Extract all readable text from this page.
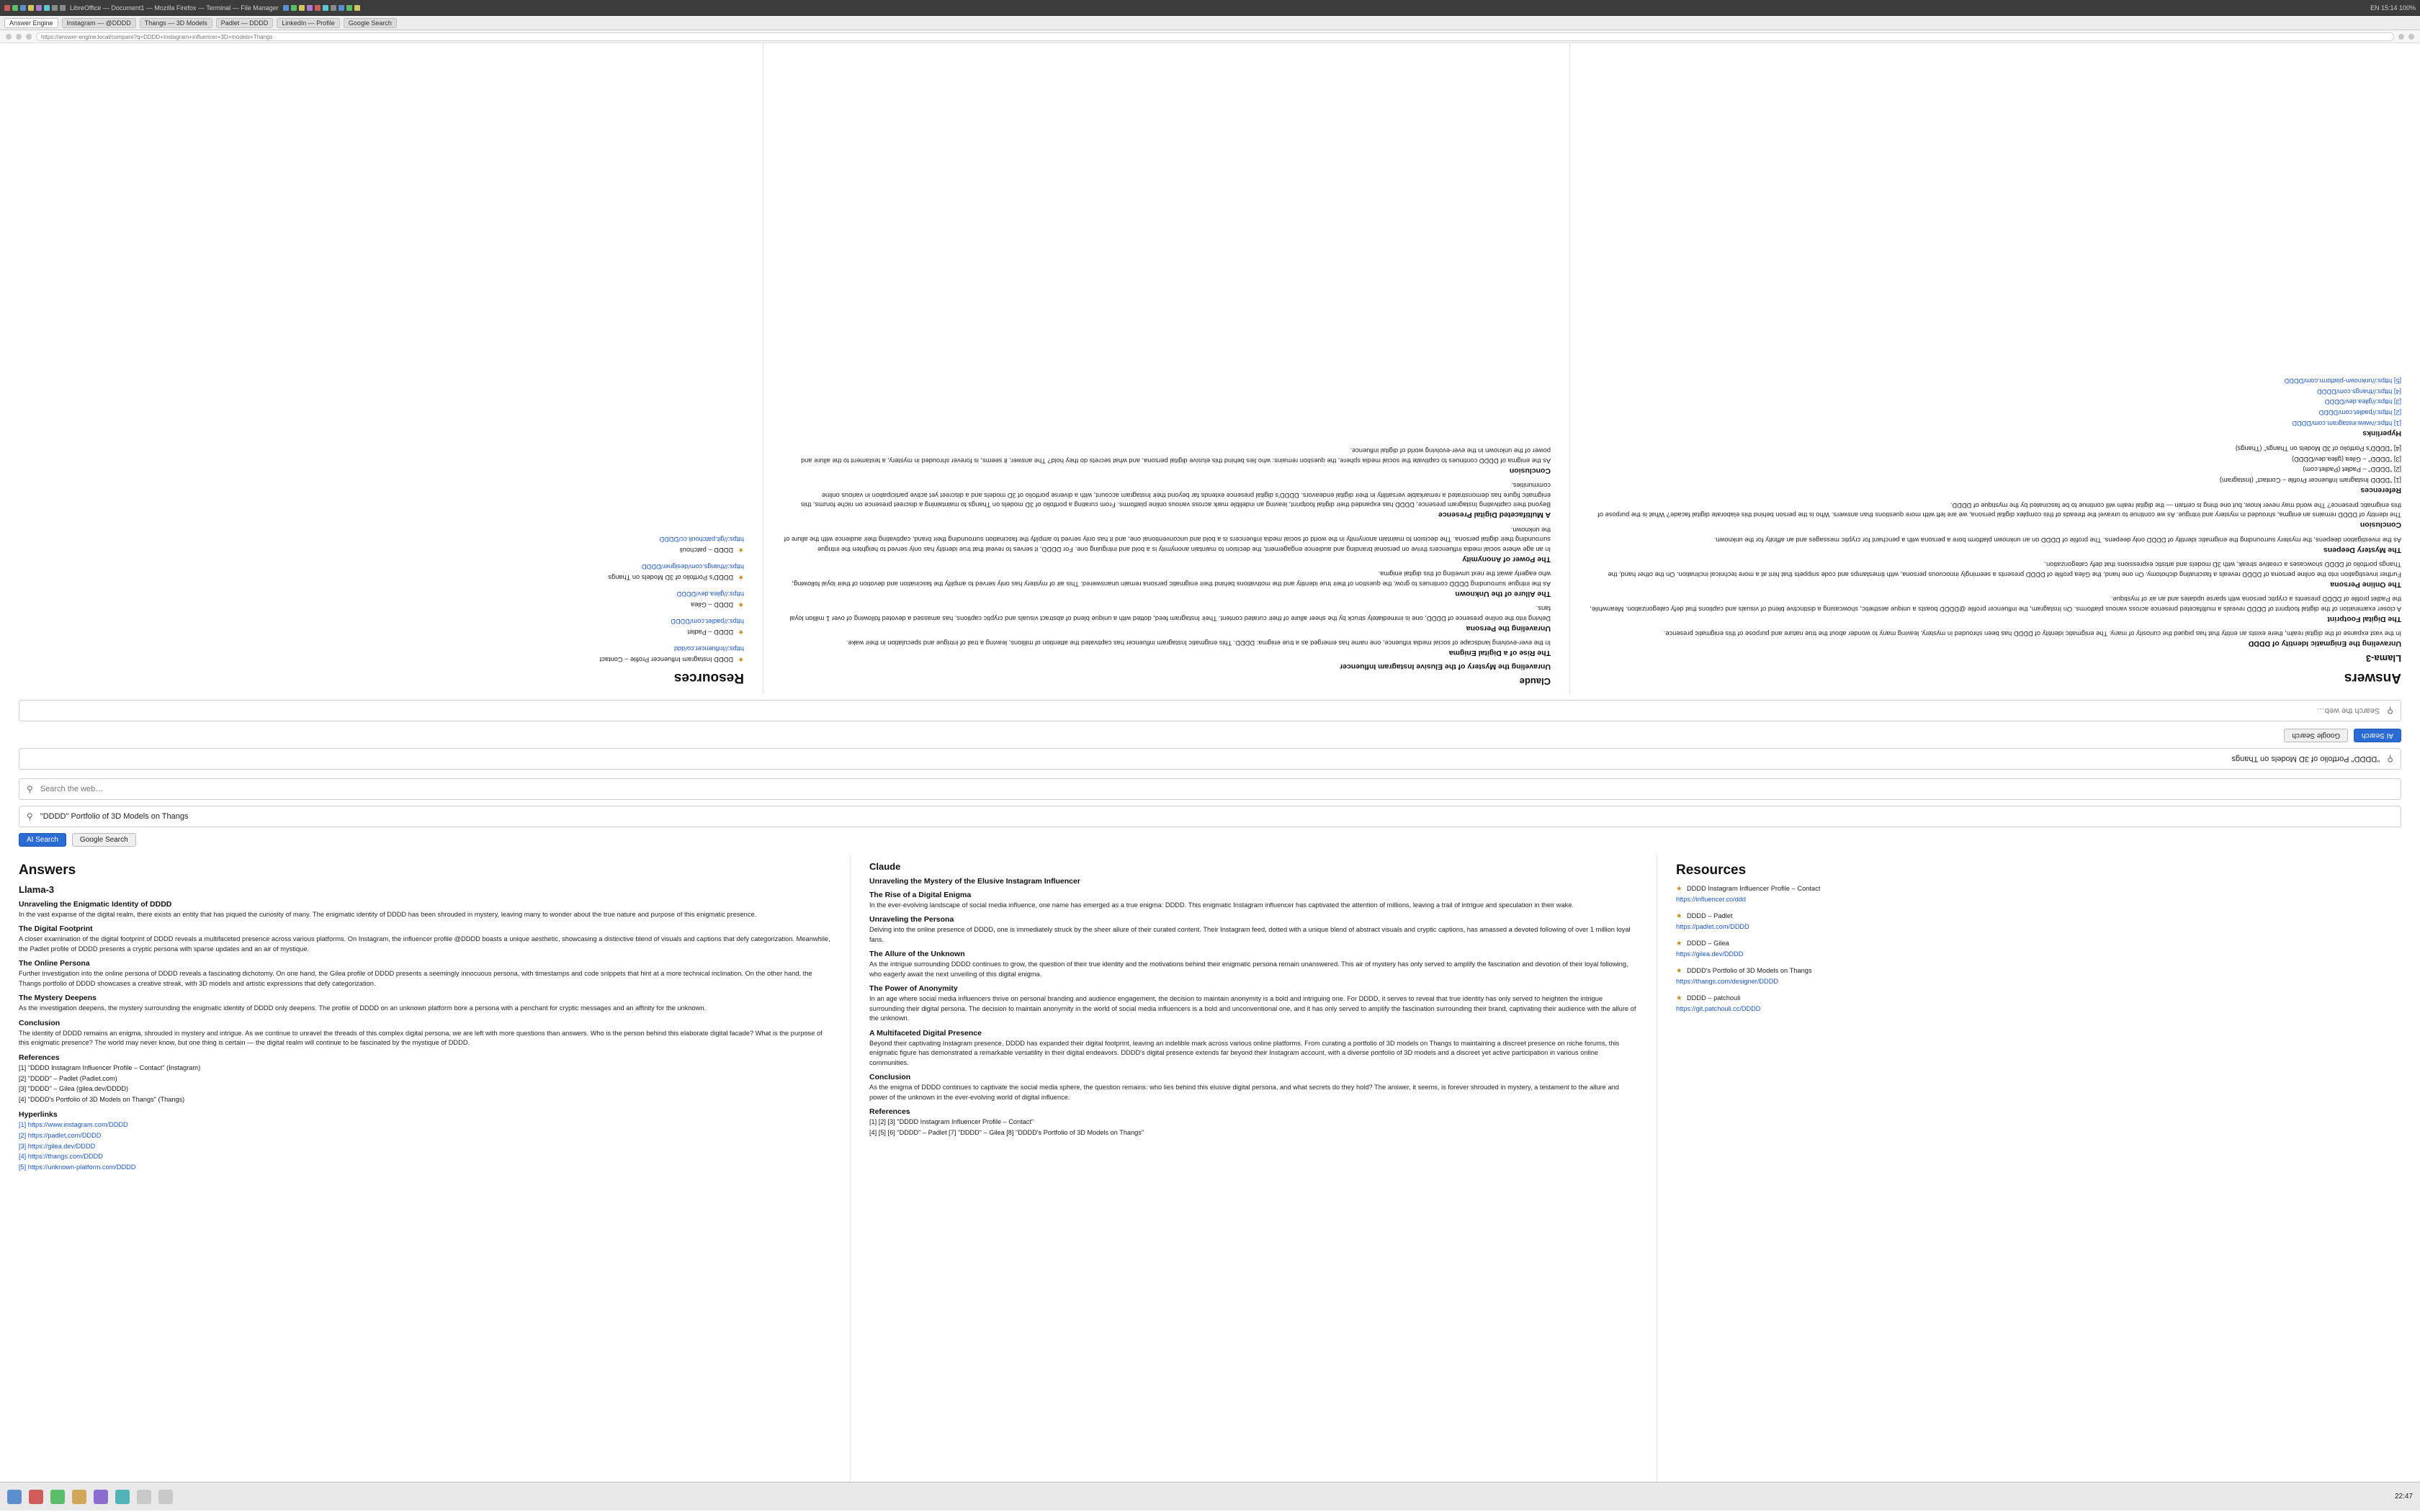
LibreOffice — Document1 — Mozilla Firefox — Terminal — File Manager	EN 15:14 100%
Answer Engine	Instagram — @DDDD	Thangs — 3D Models	Padlet — DDDD	LinkedIn — Profile	Google Search
https://answer-engine.local/compare?q=DDDD+Instagram+influencer+3D+models+Thangs
⚲
"DDDD" Portfolio of 3D Models on Thangs
AI Search
Google Search
⚲
Search the web…
Answers
Llama-3
Unraveling the Enigmatic Identity of DDDD

In the vast expanse of the digital realm, there exists an entity that has piqued the curiosity of many. The enigmatic identity of DDDD has been shrouded in mystery, leaving many to wonder about the true nature and purpose of this enigmatic presence.

The Digital Footprint

A closer examination of the digital footprint of DDDD reveals a multifaceted presence across various platforms. On Instagram, the influencer profile @DDDD boasts a unique aesthetic, showcasing a distinctive blend of visuals and captions that defy categorization. Meanwhile, the Padlet profile of DDDD presents a cryptic persona with sparse updates and an air of mystique.

The Online Persona

Further investigation into the online persona of DDDD reveals a fascinating dichotomy. On one hand, the Gilea profile of DDDD presents a seemingly innocuous persona, with timestamps and code snippets that hint at a more technical inclination. On the other hand, the Thangs portfolio of DDDD showcases a creative streak, with 3D models and artistic expressions that defy categorization.

The Mystery Deepens

As the investigation deepens, the mystery surrounding the enigmatic identity of DDDD only deepens. The profile of DDDD on an unknown platform bore a persona with a penchant for cryptic messages and an affinity for the unknown.

Conclusion

The identity of DDDD remains an enigma, shrouded in mystery and intrigue. As we continue to unravel the threads of this complex digital persona, we are left with more questions than answers. Who is the person behind this elaborate digital facade? What is the purpose of this enigmatic presence? The world may never know, but one thing is certain — the digital realm will continue to be fascinated by the mystique of DDDD.

References
[1] "DDDD Instagram Influencer Profile – Contact" (Instagram)
[2] "DDDD" – Padlet (Padlet.com)
[3] "DDDD" – Gilea (gilea.dev/DDDD)
[4] "DDDD's Portfolio of 3D Models on Thangs" (Thangs)
Hyperlinks
[1] https://www.instagram.com/DDDD
[2] https://padlet.com/DDDD
[3] https://gilea.dev/DDDD
[4] https://thangs.com/DDDD
[5] https://unknown-platform.com/DDDD
Claude
Unraveling the Mystery of the Elusive Instagram Influencer
The Rise of a Digital Enigma

In the ever-evolving landscape of social media influence, one name has emerged as a true enigma: DDDD. This enigmatic Instagram influencer has captivated the attention of millions, leaving a trail of intrigue and speculation in their wake.

Unraveling the Persona

Delving into the online presence of DDDD, one is immediately struck by the sheer allure of their curated content. Their Instagram feed, dotted with a unique blend of abstract visuals and cryptic captions, has amassed a devoted following of over 1 million loyal fans.

The Allure of the Unknown

As the intrigue surrounding DDDD continues to grow, the question of their true identity and the motivations behind their enigmatic persona remain unanswered. This air of mystery has only served to amplify the fascination and devotion of their loyal following, who eagerly await the next unveiling of this digital enigma.

The Power of Anonymity

In an age where social media influencers thrive on personal branding and audience engagement, the decision to maintain anonymity is a bold and intriguing one. For DDDD, it serves to reveal that true identity has only served to heighten the intrigue surrounding their digital persona. The decision to maintain anonymity in the world of social media influencers is a bold and unconventional one, and it has only served to amplify the fascination surrounding their brand, captivating their audience with the allure of the unknown.

A Multifaceted Digital Presence

Beyond their captivating Instagram presence, DDDD has expanded their digital footprint, leaving an indelible mark across various online platforms. From curating a portfolio of 3D models on Thangs to maintaining a discreet presence on niche forums, this enigmatic figure has demonstrated a remarkable versatility in their digital endeavors. DDDD's digital presence extends far beyond their Instagram account, with a diverse portfolio of 3D models and a discreet yet active participation in various online communities.

Conclusion

As the enigma of DDDD continues to captivate the social media sphere, the question remains: who lies behind this elusive digital persona, and what secrets do they hold? The answer, it seems, is forever shrouded in mystery, a testament to the allure and power of the unknown in the ever-evolving world of digital influence.

Resources
★ DDDD Instagram Influencer Profile – Contact
https://influencer.co/ddd
★ DDDD – Padlet
https://padlet.com/DDDD
★ DDDD – Gilea
https://gilea.dev/DDDD
★ DDDD's Portfolio of 3D Models on Thangs
https://thangs.com/designer/DDDD
★ DDDD – patchouli
https://git.patchouli.cc/DDDD
⚲
Search the web…
⚲
"DDDD" Portfolio of 3D Models on Thangs
AI Search	Google Search
Answers
Llama-3
Unraveling the Enigmatic Identity of DDDD

In the vast expanse of the digital realm, there exists an entity that has piqued the curiosity of many. The enigmatic identity of DDDD has been shrouded in mystery, leaving many to wonder about the true nature and purpose of this enigmatic presence.

The Digital Footprint

A closer examination of the digital footprint of DDDD reveals a multifaceted presence across various platforms. On Instagram, the influencer profile @DDDD boasts a unique aesthetic, showcasing a distinctive blend of visuals and captions that defy categorization. Meanwhile, the Padlet profile of DDDD presents a cryptic persona with sparse updates and an air of mystique.

The Online Persona

Further investigation into the online persona of DDDD reveals a fascinating dichotomy. On one hand, the Gilea profile of DDDD presents a seemingly innocuous persona, with timestamps and code snippets that hint at a more technical inclination. On the other hand, the Thangs portfolio of DDDD showcases a creative streak, with 3D models and artistic expressions that defy categorization.

The Mystery Deepens

As the investigation deepens, the mystery surrounding the enigmatic identity of DDDD only deepens. The profile of DDDD on an unknown platform bore a persona with a penchant for cryptic messages and an affinity for the unknown.

Conclusion

The identity of DDDD remains an enigma, shrouded in mystery and intrigue. As we continue to unravel the threads of this complex digital persona, we are left with more questions than answers. Who is the person behind this elaborate digital facade? What is the purpose of this enigmatic presence? The world may never know, but one thing is certain — the digital realm will continue to be fascinated by the mystique of DDDD.

References
[1] "DDDD Instagram Influencer Profile – Contact" (Instagram)
[2] "DDDD" – Padlet (Padlet.com)
[3] "DDDD" – Gilea (gilea.dev/DDDD)
[4] "DDDD's Portfolio of 3D Models on Thangs" (Thangs)
Hyperlinks
[1] https://www.instagram.com/DDDD
[2] https://padlet.com/DDDD
[3] https://gilea.dev/DDDD
[4] https://thangs.com/DDDD
[5] https://unknown-platform.com/DDDD
Claude
Unraveling the Mystery of the Elusive Instagram Influencer
The Rise of a Digital Enigma

In the ever-evolving landscape of social media influence, one name has emerged as a true enigma: DDDD. This enigmatic Instagram influencer has captivated the attention of millions, leaving a trail of intrigue and speculation in their wake.

Unraveling the Persona

Delving into the online presence of DDDD, one is immediately struck by the sheer allure of their curated content. Their Instagram feed, dotted with a unique blend of abstract visuals and cryptic captions, has amassed a devoted following of over 1 million loyal fans.

The Allure of the Unknown

As the intrigue surrounding DDDD continues to grow, the question of their true identity and the motivations behind their enigmatic persona remain unanswered. This air of mystery has only served to amplify the fascination and devotion of their loyal following, who eagerly await the next unveiling of this digital enigma.

The Power of Anonymity

In an age where social media influencers thrive on personal branding and audience engagement, the decision to maintain anonymity is a bold and intriguing one. For DDDD, it serves to reveal that true identity has only served to heighten the intrigue surrounding their digital persona. The decision to maintain anonymity in the world of social media influencers is a bold and unconventional one, and it has only served to amplify the fascination surrounding their brand, captivating their audience with the allure of the unknown.

A Multifaceted Digital Presence

Beyond their captivating Instagram presence, DDDD has expanded their digital footprint, leaving an indelible mark across various online platforms. From curating a portfolio of 3D models on Thangs to maintaining a discreet presence on niche forums, this enigmatic figure has demonstrated a remarkable versatility in their digital endeavors. DDDD's digital presence extends far beyond their Instagram account, with a diverse portfolio of 3D models and a discreet yet active participation in various online communities.

Conclusion

As the enigma of DDDD continues to captivate the social media sphere, the question remains: who lies behind this elusive digital persona, and what secrets do they hold? The answer, it seems, is forever shrouded in mystery, a testament to the allure and power of the unknown in the ever-evolving world of digital influence.

References
[1] [2] [3] "DDDD Instagram Influencer Profile – Contact"
[4] [5] [6] "DDDD" – Padlet [7] "DDDD" – Gilea [8] "DDDD's Portfolio of 3D Models on Thangs"
Resources
★ DDDD Instagram Influencer Profile – Contact
https://influencer.co/ddd
★ DDDD – Padlet
https://padlet.com/DDDD
★ DDDD – Gilea
https://gilea.dev/DDDD
★ DDDD's Portfolio of 3D Models on Thangs
https://thangs.com/designer/DDDD
★ DDDD – patchouli
https://git.patchouli.cc/DDDD
22:47
